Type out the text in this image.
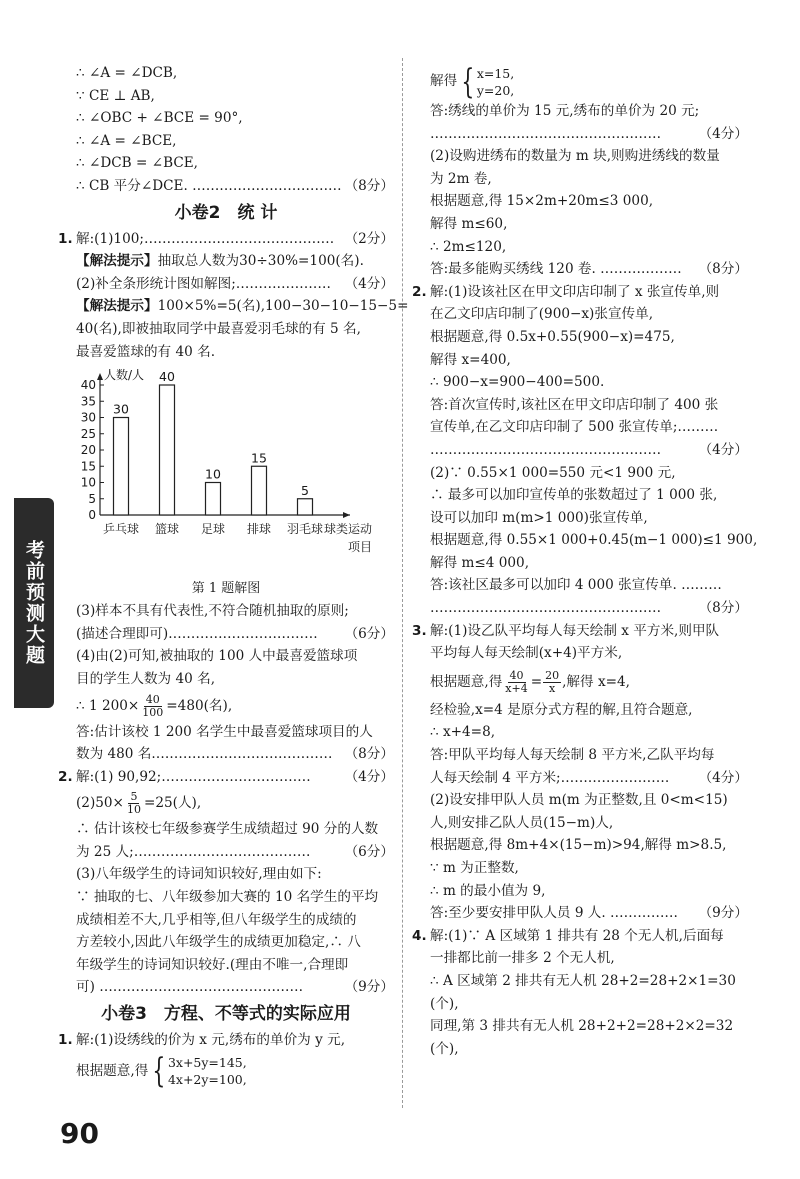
∴ ∠A = ∠DCB,
∵ CE ⊥ AB,
∴ ∠OBC + ∠BCE = 90°,
∴ ∠A = ∠BCE,
∴ ∠DCB = ∠BCE,
∴ CB 平分∠DCE. …………………………… （8分）
小卷2　统 计
1. 解:(1)100;…………………………………… （2分）
【解法提示】抽取总人数为30÷30%=100(名).
(2)补全条形统计图如解图;………………… （4分）
【解法提示】100×5%=5(名),100−30−10−15−5=
40(名),即被抽取同学中最喜爱羽毛球的有 5 名,
最喜爱篮球的有 40 名.
0
5
10
15
20
25
30
35
40
人数/人
30
乒乓球
40
篮球
10
足球
15
排球
5
羽毛球 球类运动
项目
第 1 题解图
(3)样本不具有代表性,不符合随机抽取的原则;
(描述合理即可)…………………………… （6分）
(4)由(2)可知,被抽取的 100 人中最喜爱篮球项
目的学生人数为 40 名,
∴ 1 $200\times \frac{40}{100} =480$(名),
答:估计该校 1 200 名学生中最喜爱篮球项目的人
数为 480 名.………………………………… （8分）
2. 解:(1) 90,92;…………………………… （4分）
$(2)50\times \frac{5}{10} =25$(人),
∴ 估计该校七年级参赛学生成绩超过 90 分的人数
为 25 人;…………………………………	（6分）
(3)八年级学生的诗词知识较好,理由如下:
∵ 抽取的七、八年级参加大赛的 10 名学生的平均
成绩相差不大,几乎相等,但八年级学生的成绩的
方差较小,因此八年级学生的成绩更加稳定,∴ 八
年级学生的诗词知识较好.(理由不唯一,合理即
可) ………………………………………	（9分）
小卷3　方程、不等式的实际应用
1. 解:(1)设绣线的价为 x 元,绣布的单价为 y 元,
根据题意,得 { 3x+5y=145,
4x+2y=100,
解得 { x=15,
y=20,
答:绣线的单价为 15 元,绣布的单价为 20 元;
……………………………………………	（4分）
(2)设购进绣布的数量为 m 块,则购进绣线的数量
为 2m 卷,
根据题意,得 15×2m+20m≤3 000,
解得 m≤60,
∴ 2m≤120,
答:最多能购买绣线 120 卷. ……………… （8分）
2. 解:(1)设该社区在甲文印店印制了 x 张宣传单,则
在乙文印店印制了(900−x)张宣传单,
根据题意,得 0.5x+0.55(900−x)=475,
解得 x=400,
∴ 900−x=900−400=500.
答:首次宣传时,该社区在甲文印店印制了 400 张
宣传单,在乙文印店印制了 500 张宣传单;………
……………………………………………	（4分）
(2)∵ 0.55×1 000=550 元<1 900 元,
∴ 最多可以加印宣传单的张数超过了 1 000 张,
设可以加印 m(m>1 000)张宣传单,
根据题意,得 0.55×1 000+0.45(m−1 000)≤1 900,
解得 m≤4 000,
答:该社区最多可以加印 4 000 张宣传单. ………
……………………………………………	（8分）
3. 解:(1)设乙队平均每人每天绘制 x 平方米,则甲队
平均每人每天绘制(x+4)平方米,
根据题意,得 $\frac{40}{x+4} = \frac{20}{x}$ ,解得 x=4,
经检验,x=4 是原分式方程的解,且符合题意,
∴ x+4=8,
答:甲队平均每人每天绘制 8 平方米,乙队平均每
人每天绘制 4 平方米;…………………… （4分）
(2)设安排甲队人员 m(m 为正整数,且 0<m<15)
人,则安排乙队人员(15−m)人,
根据题意,得 8m+4×(15−m)>94,解得 m>8.5,
∵ m 为正整数,
∴ m 的最小值为 9,
答:至少要安排甲队人员 9 人. …………… （9分）
4. 解:(1)∵ A 区域第 1 排共有 28 个无人机,后面每
一排都比前一排多 2 个无人机,
∴ A 区域第 2 排共有无人机 28+2=28+2×1=30
(个),
同理,第 3 排共有无人机 28+2+2=28+2×2=32
(个),
考前预测大题
90
